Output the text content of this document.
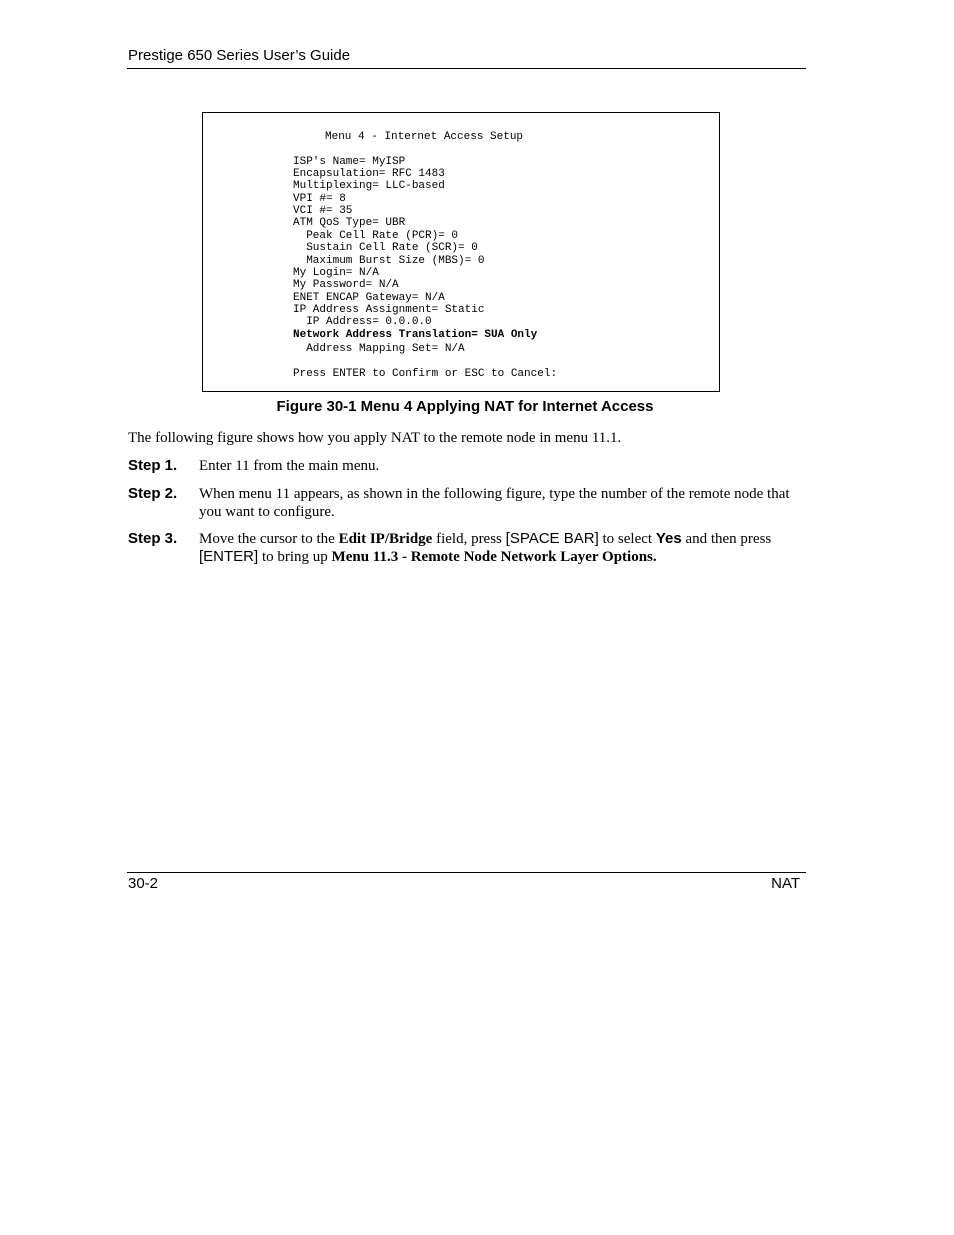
Prestige 650 Series User’s Guide
Menu 4 - Internet Access Setup
ISP's Name= MyISP
Encapsulation= RFC 1483
Multiplexing= LLC-based
VPI #= 8
VCI #= 35
ATM QoS Type= UBR
Peak Cell Rate (PCR)= 0
Sustain Cell Rate (SCR)= 0
Maximum Burst Size (MBS)= 0
My Login= N/A
My Password= N/A
ENET ENCAP Gateway= N/A
IP Address Assignment= Static
IP Address= 0.0.0.0
Network Address Translation= SUA Only
Address Mapping Set= N/A
Press ENTER to Confirm or ESC to Cancel:
Figure 30-1 Menu 4 Applying NAT for Internet Access
The following figure shows how you apply NAT to the remote node in menu 11.1.
Step 1. Enter 11 from the main menu.
Step 2. When menu 11 appears, as shown in the following figure, type the number of the remote node that you want to configure.
Step 3. Move the cursor to the Edit IP/Bridge field, press [SPACE BAR] to select Yes and then press [ENTER] to bring up Menu 11.3 - Remote Node Network Layer Options.
30-2	NAT
